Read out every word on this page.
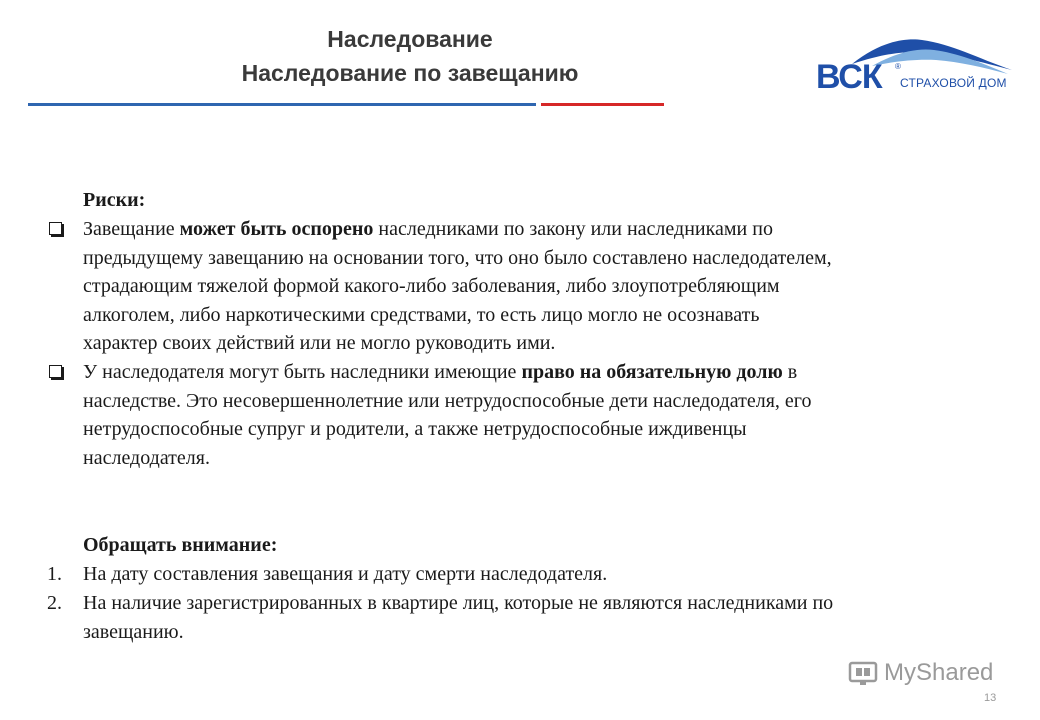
Наследование
Наследование по завещанию	ВСК ®
СТРАХОВОЙ ДОМ
Риски:
Завещание может быть оспорено наследниками по закону или наследниками по
предыдущему завещанию на основании того, что оно было составлено наследодателем,
страдающим тяжелой формой какого-либо заболевания, либо злоупотребляющим
алкоголем, либо наркотическими средствами, то есть лицо могло не осознавать
характер своих действий или не могло руководить ими.
У наследодателя могут быть наследники имеющие право на обязательную долю в
наследстве. Это несовершеннолетние или нетрудоспособные дети наследодателя, его
нетрудоспособные супруг и родители, а также нетрудоспособные иждивенцы
наследодателя.
Обращать внимание:
1. На дату составления завещания и дату смерти наследодателя.
2. На наличие зарегистрированных в квартире лиц, которые не являются наследниками по
завещанию.
MyShared
13
